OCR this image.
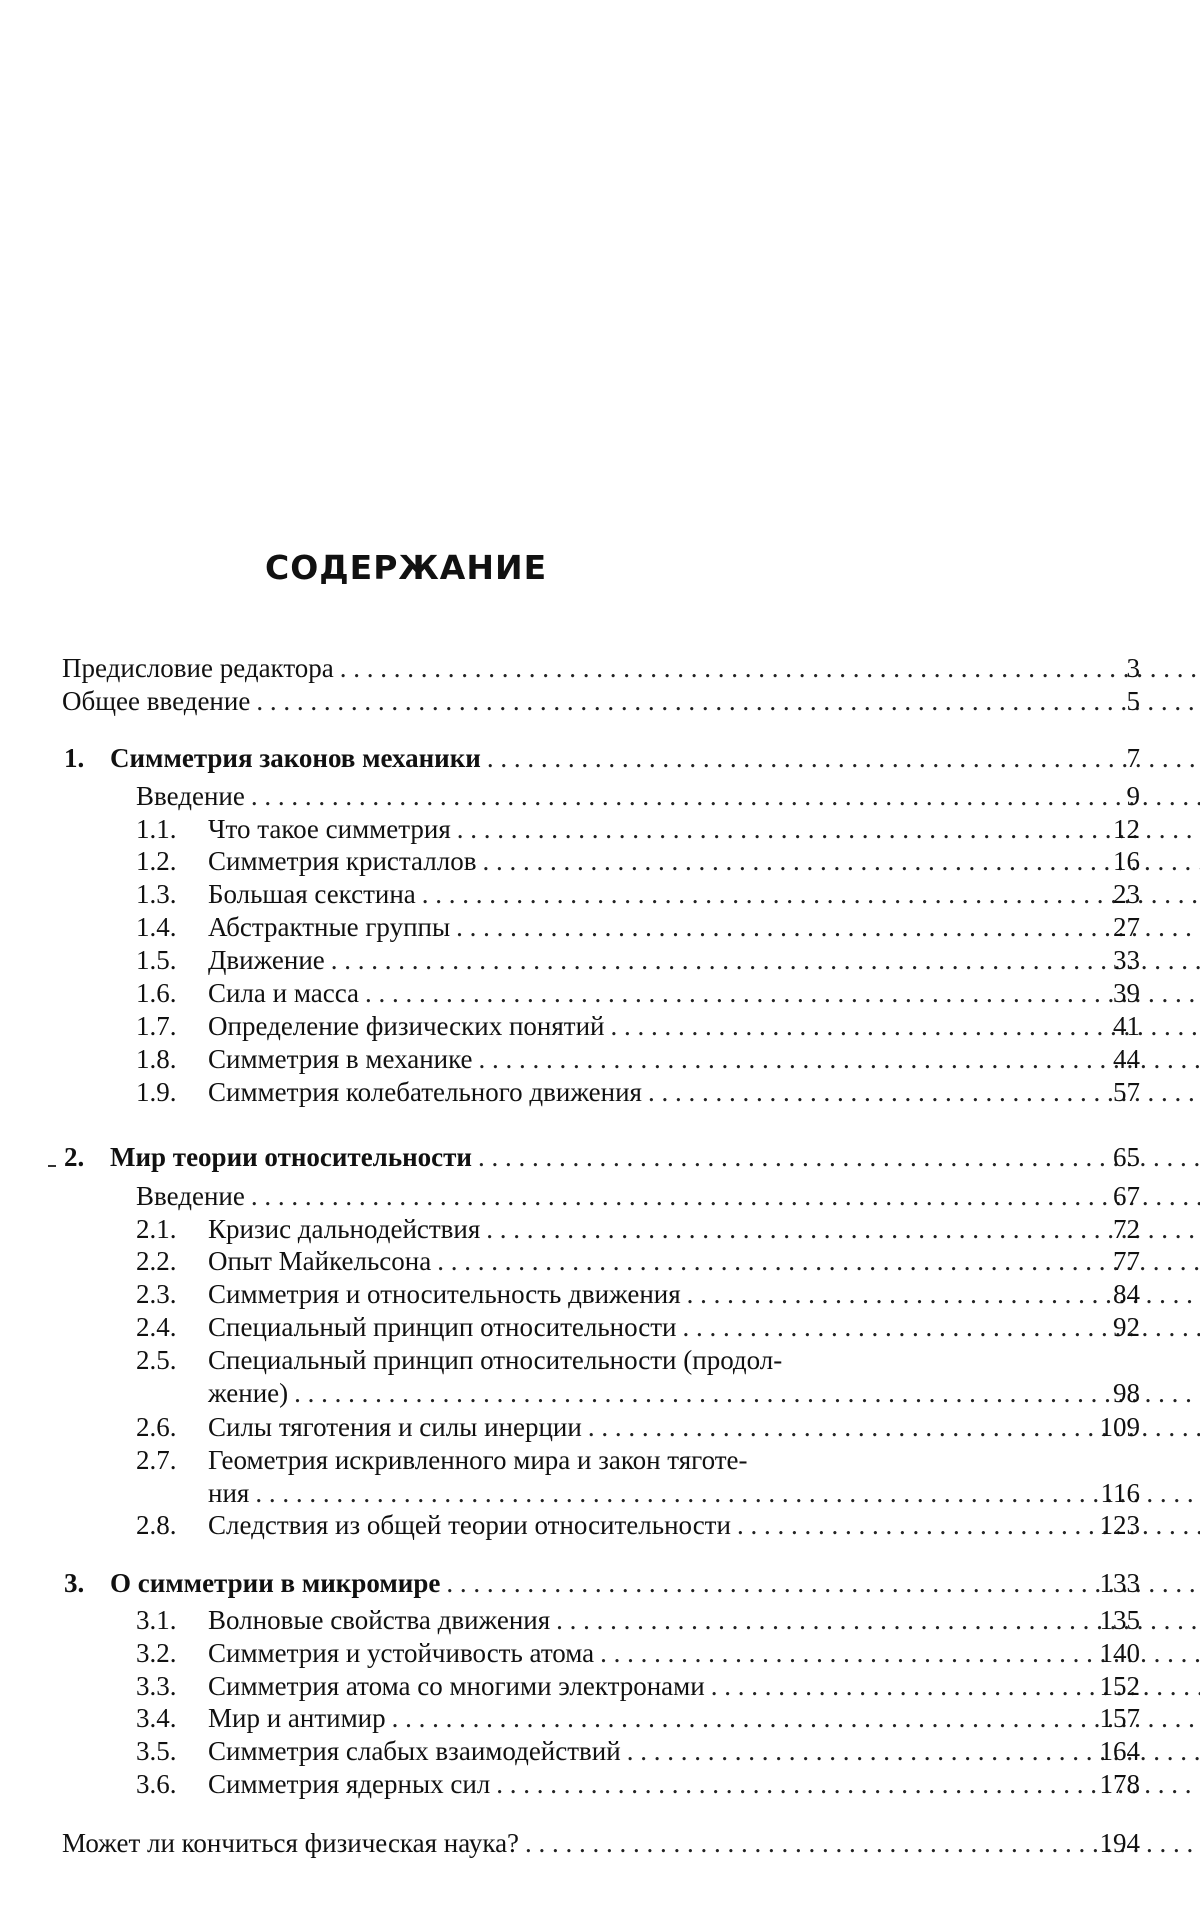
СОДЕРЖАНИЕ
Предисловие редактора . . .	3
Общее введение . . .	5
1. Симметрия законов механики . . .	7
Введение . . .	9
1.1.	Что такое симметрия . . .	12
1.2.	Симметрия кристаллов . . .	16
1.3.	Большая секстина . . .	23
1.4.	Абстрактные группы . . .	27
1.5.	Движение . . .	33
1.6.	Сила и масса . . .	39
1.7.	Определение физических понятий . . .	41
1.8.	Симметрия в механике . . .	44
1.9.	Симметрия колебательного движения . . .	57
2. Мир теории относительности . . .	65
Введение . . .	67
2.1.	Кризис дальнодействия . . .	72
2.2.	Опыт Майкельсона . . .	77
2.3.	Симметрия и относительность движения . . .	84
2.4.	Специальный принцип относительности . . .	92
2.5.	Специальный принцип относительности (продол-
жение) . . .	98
2.6.	Силы тяготения и силы инерции . . .	109
2.7.	Геометрия искривленного мира и закон тяготе-
ния . . .	116
2.8.	Следствия из общей теории относительности . . .	123
3. О симметрии в микромире . . .	133
3.1.	Волновые свойства движения . . .	135
3.2.	Симметрия и устойчивость атома . . .	140
3.3.	Симметрия атома со многими электронами . . .	152
3.4.	Мир и антимир . . .	157
3.5.	Симметрия слабых взаимодействий . . .	164
3.6.	Симметрия ядерных сил . . .	178
Может ли кончиться физическая наука? . . .	194
